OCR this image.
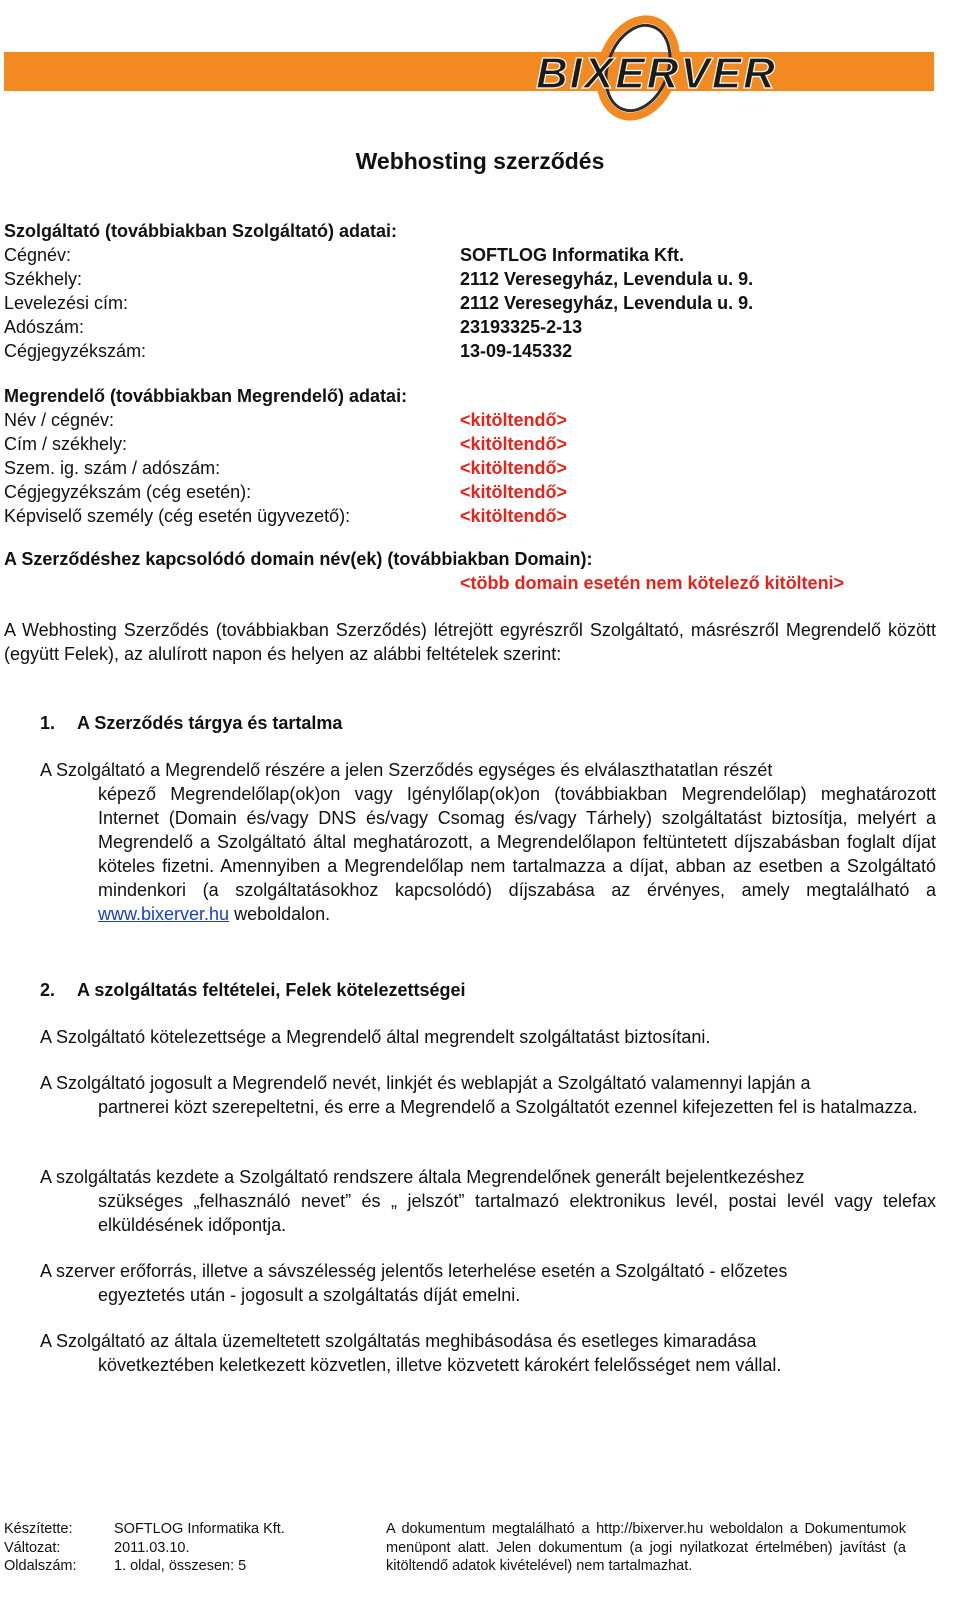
BIXERVER
Webhosting szerződés
Szolgáltató (továbbiakban Szolgáltató) adatai:
Cégnév:	SOFTLOG Informatika Kft.
Székhely:	2112 Veresegyház, Levendula u. 9.
Levelezési cím:	2112 Veresegyház, Levendula u. 9.
Adószám:	23193325-2-13
Cégjegyzékszám:	13-09-145332
Megrendelő (továbbiakban Megrendelő) adatai:
Név / cégnév:	<kitöltendő>
Cím / székhely:	<kitöltendő>
Szem. ig. szám / adószám:	<kitöltendő>
Cégjegyzékszám (cég esetén):	<kitöltendő>
Képviselő személy (cég esetén ügyvezető):	<kitöltendő>
A Szerződéshez kapcsolódó domain név(ek) (továbbiakban Domain):
<több domain esetén nem kötelező kitölteni>
A Webhosting Szerződés (továbbiakban Szerződés) létrejött egyrészről Szolgáltató, másrészről Megrendelő között (együtt Felek), az alulírott napon és helyen az alábbi feltételek szerint:
1. A Szerződés tárgya és tartalma
A Szolgáltató a Megrendelő részére a jelen Szerződés egységes és elválaszthatatlan részét
képező Megrendelőlap(ok)on vagy Igénylőlap(ok)on (továbbiakban Megrendelőlap) meghatározott Internet (Domain és/vagy DNS és/vagy Csomag és/vagy Tárhely) szolgáltatást biztosítja, melyért a Megrendelő a Szolgáltató által meghatározott, a Megrendelőlapon feltüntetett díjszabásban foglalt díjat köteles fizetni. Amennyiben a Megrendelőlap nem tartalmazza a díjat, abban az esetben a Szolgáltató mindenkori (a szolgáltatásokhoz kapcsolódó) díjszabása az érvényes, amely megtalálható a www.bixerver.hu weboldalon.
2. A szolgáltatás feltételei, Felek kötelezettségei
A Szolgáltató kötelezettsége a Megrendelő által megrendelt szolgáltatást biztosítani.
A Szolgáltató jogosult a Megrendelő nevét, linkjét és weblapját a Szolgáltató valamennyi lapján a
partnerei közt szerepeltetni, és erre a Megrendelő a Szolgáltatót ezennel kifejezetten fel is hatalmazza.
A szolgáltatás kezdete a Szolgáltató rendszere általa Megrendelőnek generált bejelentkezéshez
szükséges „felhasználó nevet” és „ jelszót” tartalmazó elektronikus levél, postai levél vagy telefax elküldésének időpontja.
A szerver erőforrás, illetve a sávszélesség jelentős leterhelése esetén a Szolgáltató - előzetes
egyeztetés után - jogosult a szolgáltatás díját emelni.
A Szolgáltató az általa üzemeltetett szolgáltatás meghibásodása és esetleges kimaradása
következtében keletkezett közvetlen, illetve közvetett károkért felelősséget nem vállal.
Készítette:	SOFTLOG Informatika Kft.
Változat:	2011.03.10.
Oldalszám:	1. oldal, összesen: 5
A dokumentum megtalálható a http://bixerver.hu weboldalon a Dokumentumok menüpont alatt. Jelen dokumentum (a jogi nyilatkozat értelmében) javítást (a kitöltendő adatok kivételével) nem tartalmazhat.
